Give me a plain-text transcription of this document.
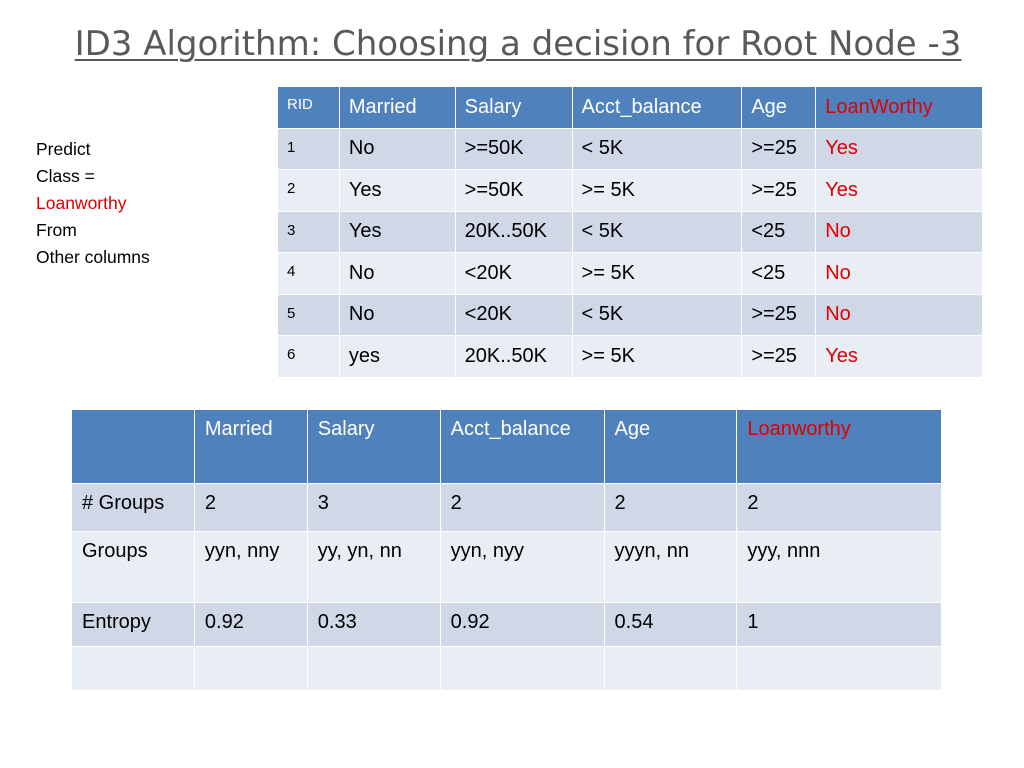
ID3 Algorithm: Choosing a decision for Root Node -3
Predict
Class =
Loanworthy
From
Other columns
RID	Married	Salary	Acct_balance	Age	LoanWorthy
1	No	>=50K	< 5K	>=25	Yes
2	Yes	>=50K	>= 5K	>=25	Yes
3	Yes	20K..50K	< 5K	<25	No
4	No	<20K	>= 5K	<25	No
5	No	<20K	< 5K	>=25	No
6	yes	20K..50K	>= 5K	>=25	Yes
	Married	Salary	Acct_balance	Age	Loanworthy
# Groups	2	3	2	2	2
Groups	yyn, nny	yy, yn, nn	yyn, nyy	yyyn, nn	yyy, nnn
Entropy	0.92	0.33	0.92	0.54	1
